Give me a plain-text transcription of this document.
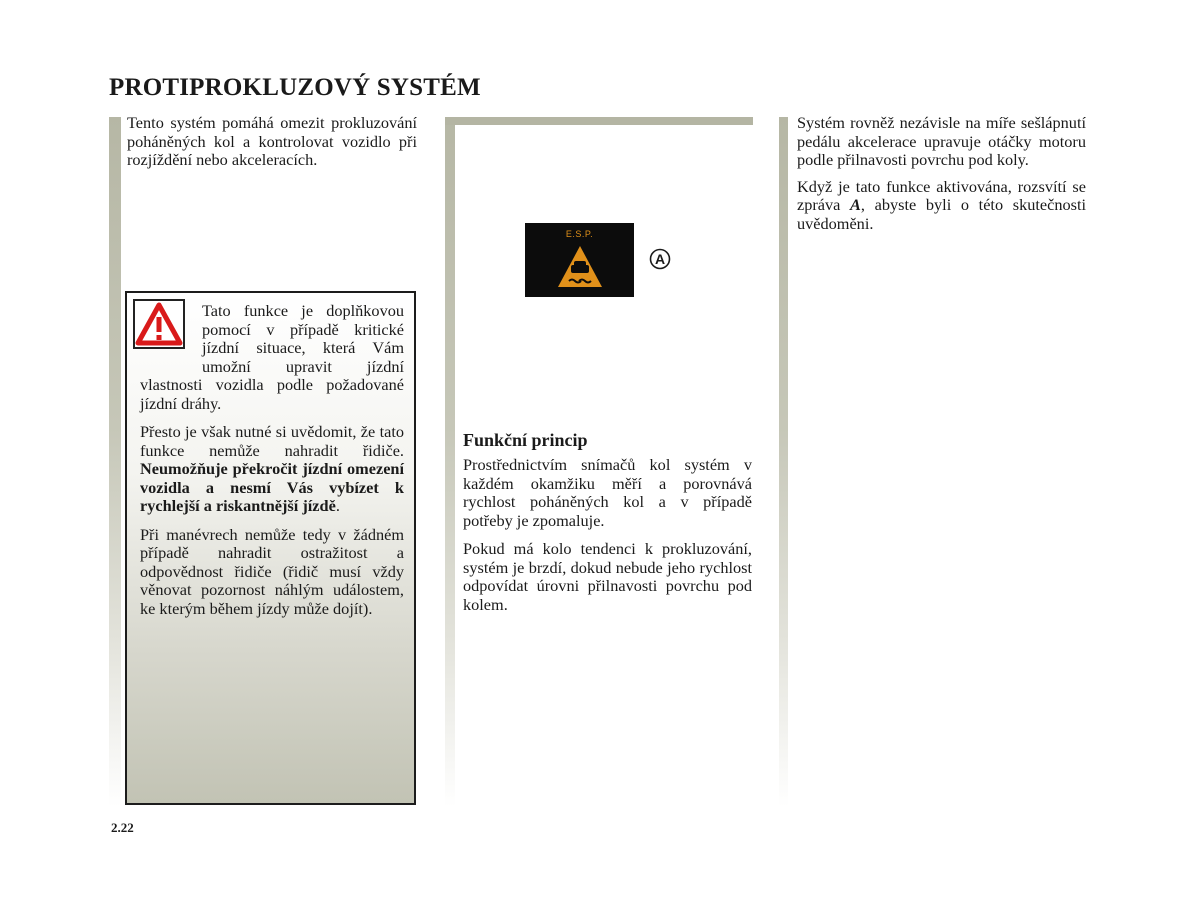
PROTIPROKLUZOVÝ SYSTÉM

Tento systém pomáhá omezit prokluzování poháněných kol a kontrolovat vozidlo při rozjíždění nebo akceleracích.

Tato funkce je doplňkovou pomocí v případě kritické jízdní situace, která Vám umožní upravit jízdní vlastnosti vozidla podle požadované jízdní dráhy.

Přesto je však nutné si uvědomit, že tato funkce nemůže nahradit řidiče. Neumožňuje překročit jízdní omezení vozidla a nesmí Vás vybízet k rychlejší a riskantnější jízdě.

Při manévrech nemůže tedy v žádném případě nahradit ostražitost a odpovědnost řidiče (řidič musí vždy věnovat pozornost náhlým událostem, ke kterým během jízdy může dojít).

E.S.P.
A
Funkční princip

Prostřednictvím snímačů kol systém v každém okamžiku měří a porovnává rychlost poháněných kol a v případě potřeby je zpomaluje.

Pokud má kolo tendenci k prokluzování, systém je brzdí, dokud nebude jeho rychlost odpovídat úrovni přilnavosti povrchu pod kolem.

Systém rovněž nezávisle na míře sešlápnutí pedálu akcelerace upravuje otáčky motoru podle přilnavosti povrchu pod koly.

Když je tato funkce aktivována, rozsvítí se zpráva A, abyste byli o této skutečnosti uvědoměni.

2.22
